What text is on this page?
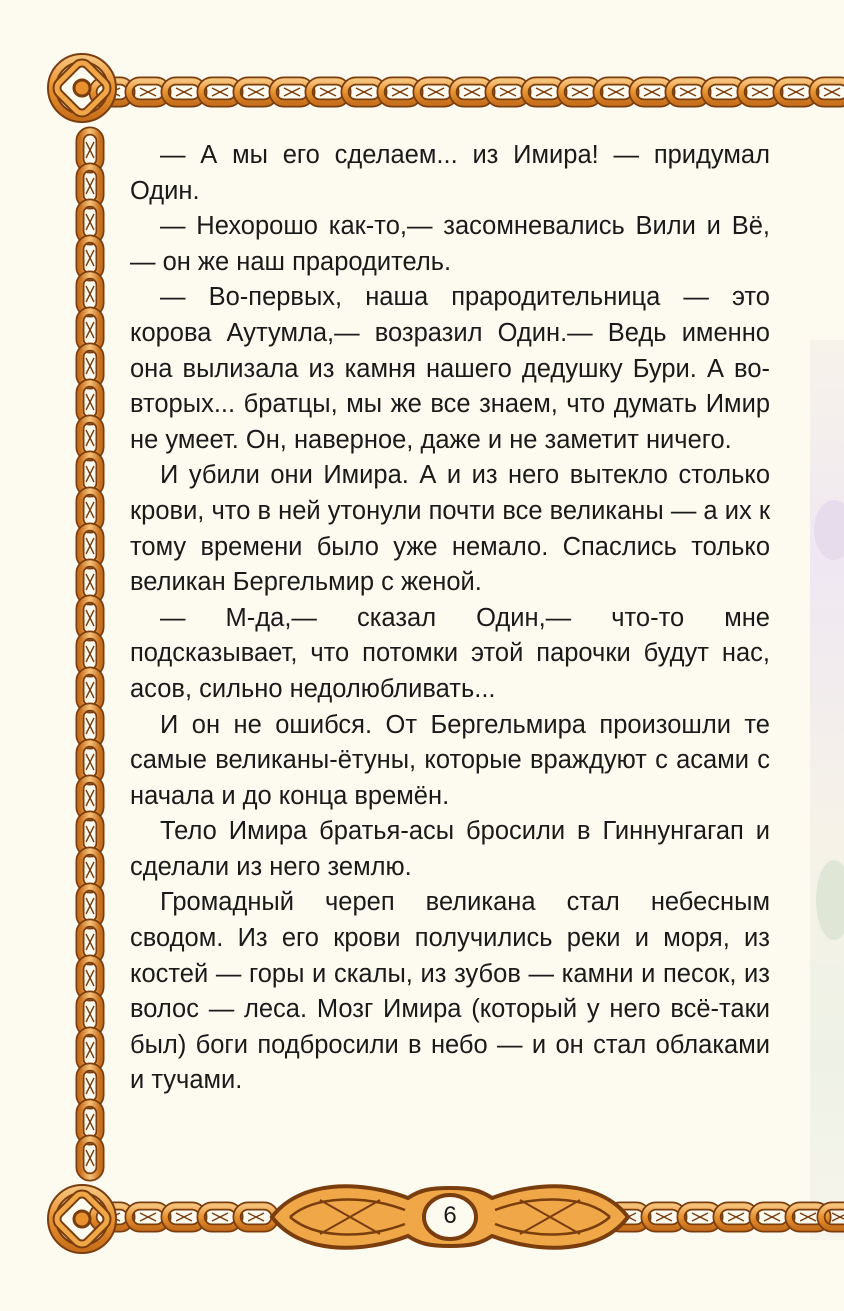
— А мы его сделаем... из Имира! — придумал Один.

— Нехорошо как-то,— засомневались Вили и Вё,— он же наш прародитель.

— Во-первых, наша прародительница — это корова Аутумла,— возразил Один.— Ведь именно она вылизала из камня нашего дедушку Бури. А во-вторых... братцы, мы же все знаем, что думать Имир не умеет. Он, наверное, даже и не заметит ничего.

И убили они Имира. А и из него вытекло столько крови, что в ней утонули почти все великаны — а их к тому времени было уже немало. Спаслись только великан Бергельмир с женой.

— М-да,— сказал Один,— что-то мне подсказывает, что потомки этой парочки будут нас, асов, сильно недолюбливать...

И он не ошибся. От Бергельмира произошли те самые великаны-ётуны, которые враждуют с асами с начала и до конца времён.

Тело Имира братья-асы бросили в Гиннунгагап и сделали из него землю.

Громадный череп великана стал небесным сводом. Из его крови получились реки и моря, из костей — горы и скалы, из зубов — камни и песок, из волос — леса. Мозг Имира (который у него всё-таки был) боги подбросили в небо — и он стал облаками и тучами.

6
